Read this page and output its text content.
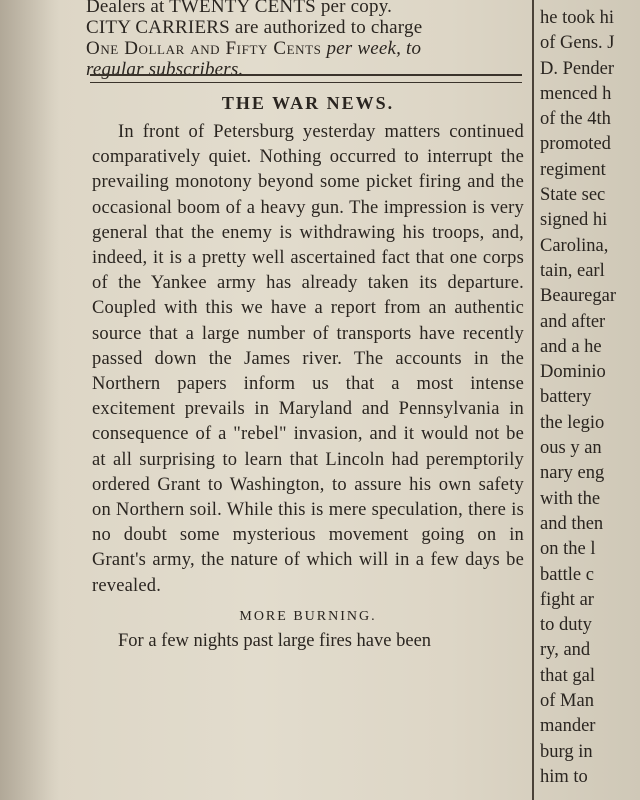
Dealers at TWENTY CENTS per copy.
CITY CARRIERS are authorized to charge
One Dollar and Fifty Cents per week, to
regular subscribers.
THE WAR NEWS.

In front of Petersburg yesterday matters continued comparatively quiet. Nothing occurred to interrupt the prevailing monotony beyond some picket firing and the occasional boom of a heavy gun. The impression is very general that the enemy is withdrawing his troops, and, indeed, it is a pretty well ascertained fact that one corps of the Yankee army has already taken its departure. Coupled with this we have a report from an authentic source that a large number of transports have recently passed down the James river. The accounts in the Northern papers inform us that a most intense excitement prevails in Maryland and Pennsylvania in consequence of a "rebel" invasion, and it would not be at all surprising to learn that Lincoln had peremptorily ordered Grant to Washington, to assure his own safety on Northern soil. While this is mere speculation, there is no doubt some mysterious movement going on in Grant's army, the nature of which will in a few days be revealed.

MORE BURNING.

For a few nights past large fires have been

he took hi
of Gens. J
D. Pender
menced h
of the 4th
promoted
regiment
State sec
signed hi
Carolina,
tain, earl
Beauregar
and after
and a he
Dominio
battery
the legio
ous y an
nary eng
with the
and then
on the l
battle c
fight ar
to duty
ry, and
that gal
of Man
mander
burg in
him to
